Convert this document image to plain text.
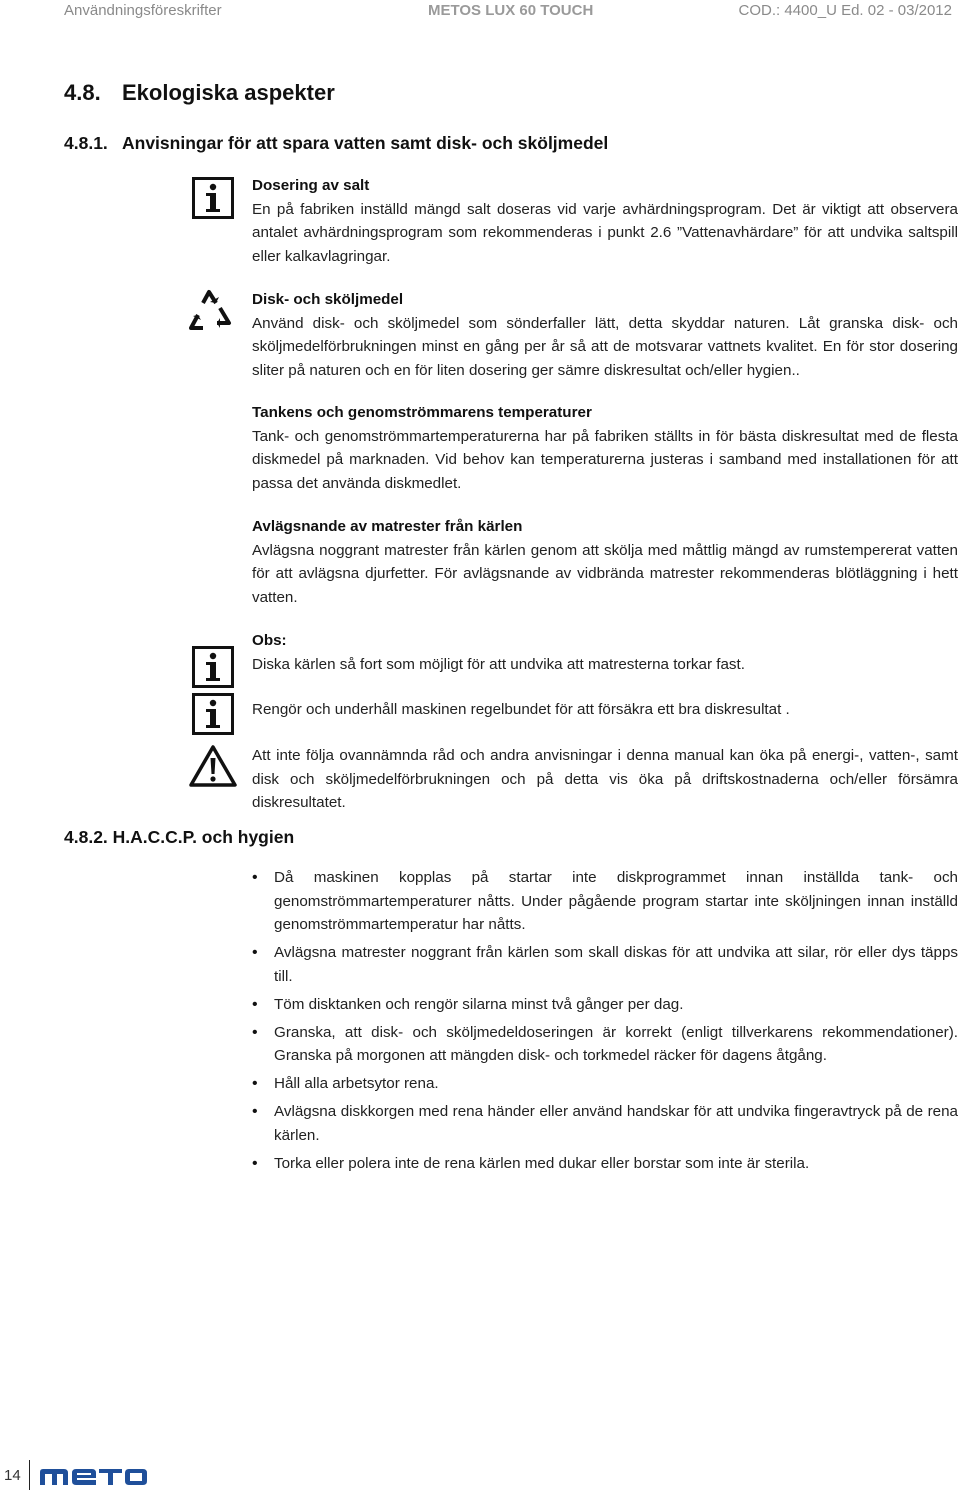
Användningsföreskrifter	METOS LUX 60 TOUCH	COD.: 4400_U Ed. 02 - 03/2012
4.8. Ekologiska aspekter
4.8.1. Anvisningar för att spara vatten samt disk- och sköljmedel

Dosering av salt

En på fabriken inställd mängd salt doseras vid varje avhärdningsprogram. Det är viktigt att observera antalet avhärdningsprogram som rekommenderas i punkt 2.6 ”Vattenavhärdare” för att undvika saltspill eller kalkavlagringar.

Disk- och sköljmedel

Använd disk- och sköljmedel som sönderfaller lätt, detta skyddar naturen. Låt granska disk- och sköljmedelförbrukningen minst en gång per år så att de motsvarar vattnets kvalitet. En för stor dosering sliter på naturen och en för liten dosering ger sämre diskresultat och/eller hygien..

Tankens och genomströmmarens temperaturer

Tank- och genomströmmartemperaturerna har på fabriken ställts in för bästa diskresultat med de flesta diskmedel på marknaden. Vid behov kan temperaturerna justeras i samband med installationen för att passa det använda diskmedlet.

Avlägsnande av matrester från kärlen

Avlägsna noggrant matrester från kärlen genom att skölja med måttlig mängd av rumstempererat vatten för att avlägsna djurfetter. För avlägsnande av vidbrända matrester rekommenderas blötläggning i hett vatten.

Obs:

Diska kärlen så fort som möjligt för att undvika att matresterna torkar fast.

Rengör och underhåll maskinen regelbundet för att försäkra ett bra diskresultat .

Att inte följa ovannämnda råd och andra anvisningar i denna manual kan öka på energi-, vatten-, samt disk och sköljmedelförbrukningen och på detta vis öka på driftskostnaderna och/eller försämra diskresultatet.

4.8.2. H.A.C.C.P. och hygien
• Då maskinen kopplas på startar inte diskprogrammet innan inställda tank- och genomströmmartemperaturer nåtts. Under pågående program startar inte sköljningen innan inställd genomströmmartemperatur har nåtts.
• Avlägsna matrester noggrant från kärlen som skall diskas för att undvika att silar, rör eller dys täpps till.
• Töm disktanken och rengör silarna minst två gånger per dag.
• Granska, att disk- och sköljmedeldoseringen är korrekt (enligt tillverkarens rekommendationer). Granska på morgonen att mängden disk- och torkmedel räcker för dagens åtgång.
• Håll alla arbetsytor rena.
• Avlägsna diskkorgen med rena händer eller använd handskar för att undvika fingeravtryck på de rena kärlen.
• Torka eller polera inte de rena kärlen med dukar eller borstar som inte är sterila.
14
